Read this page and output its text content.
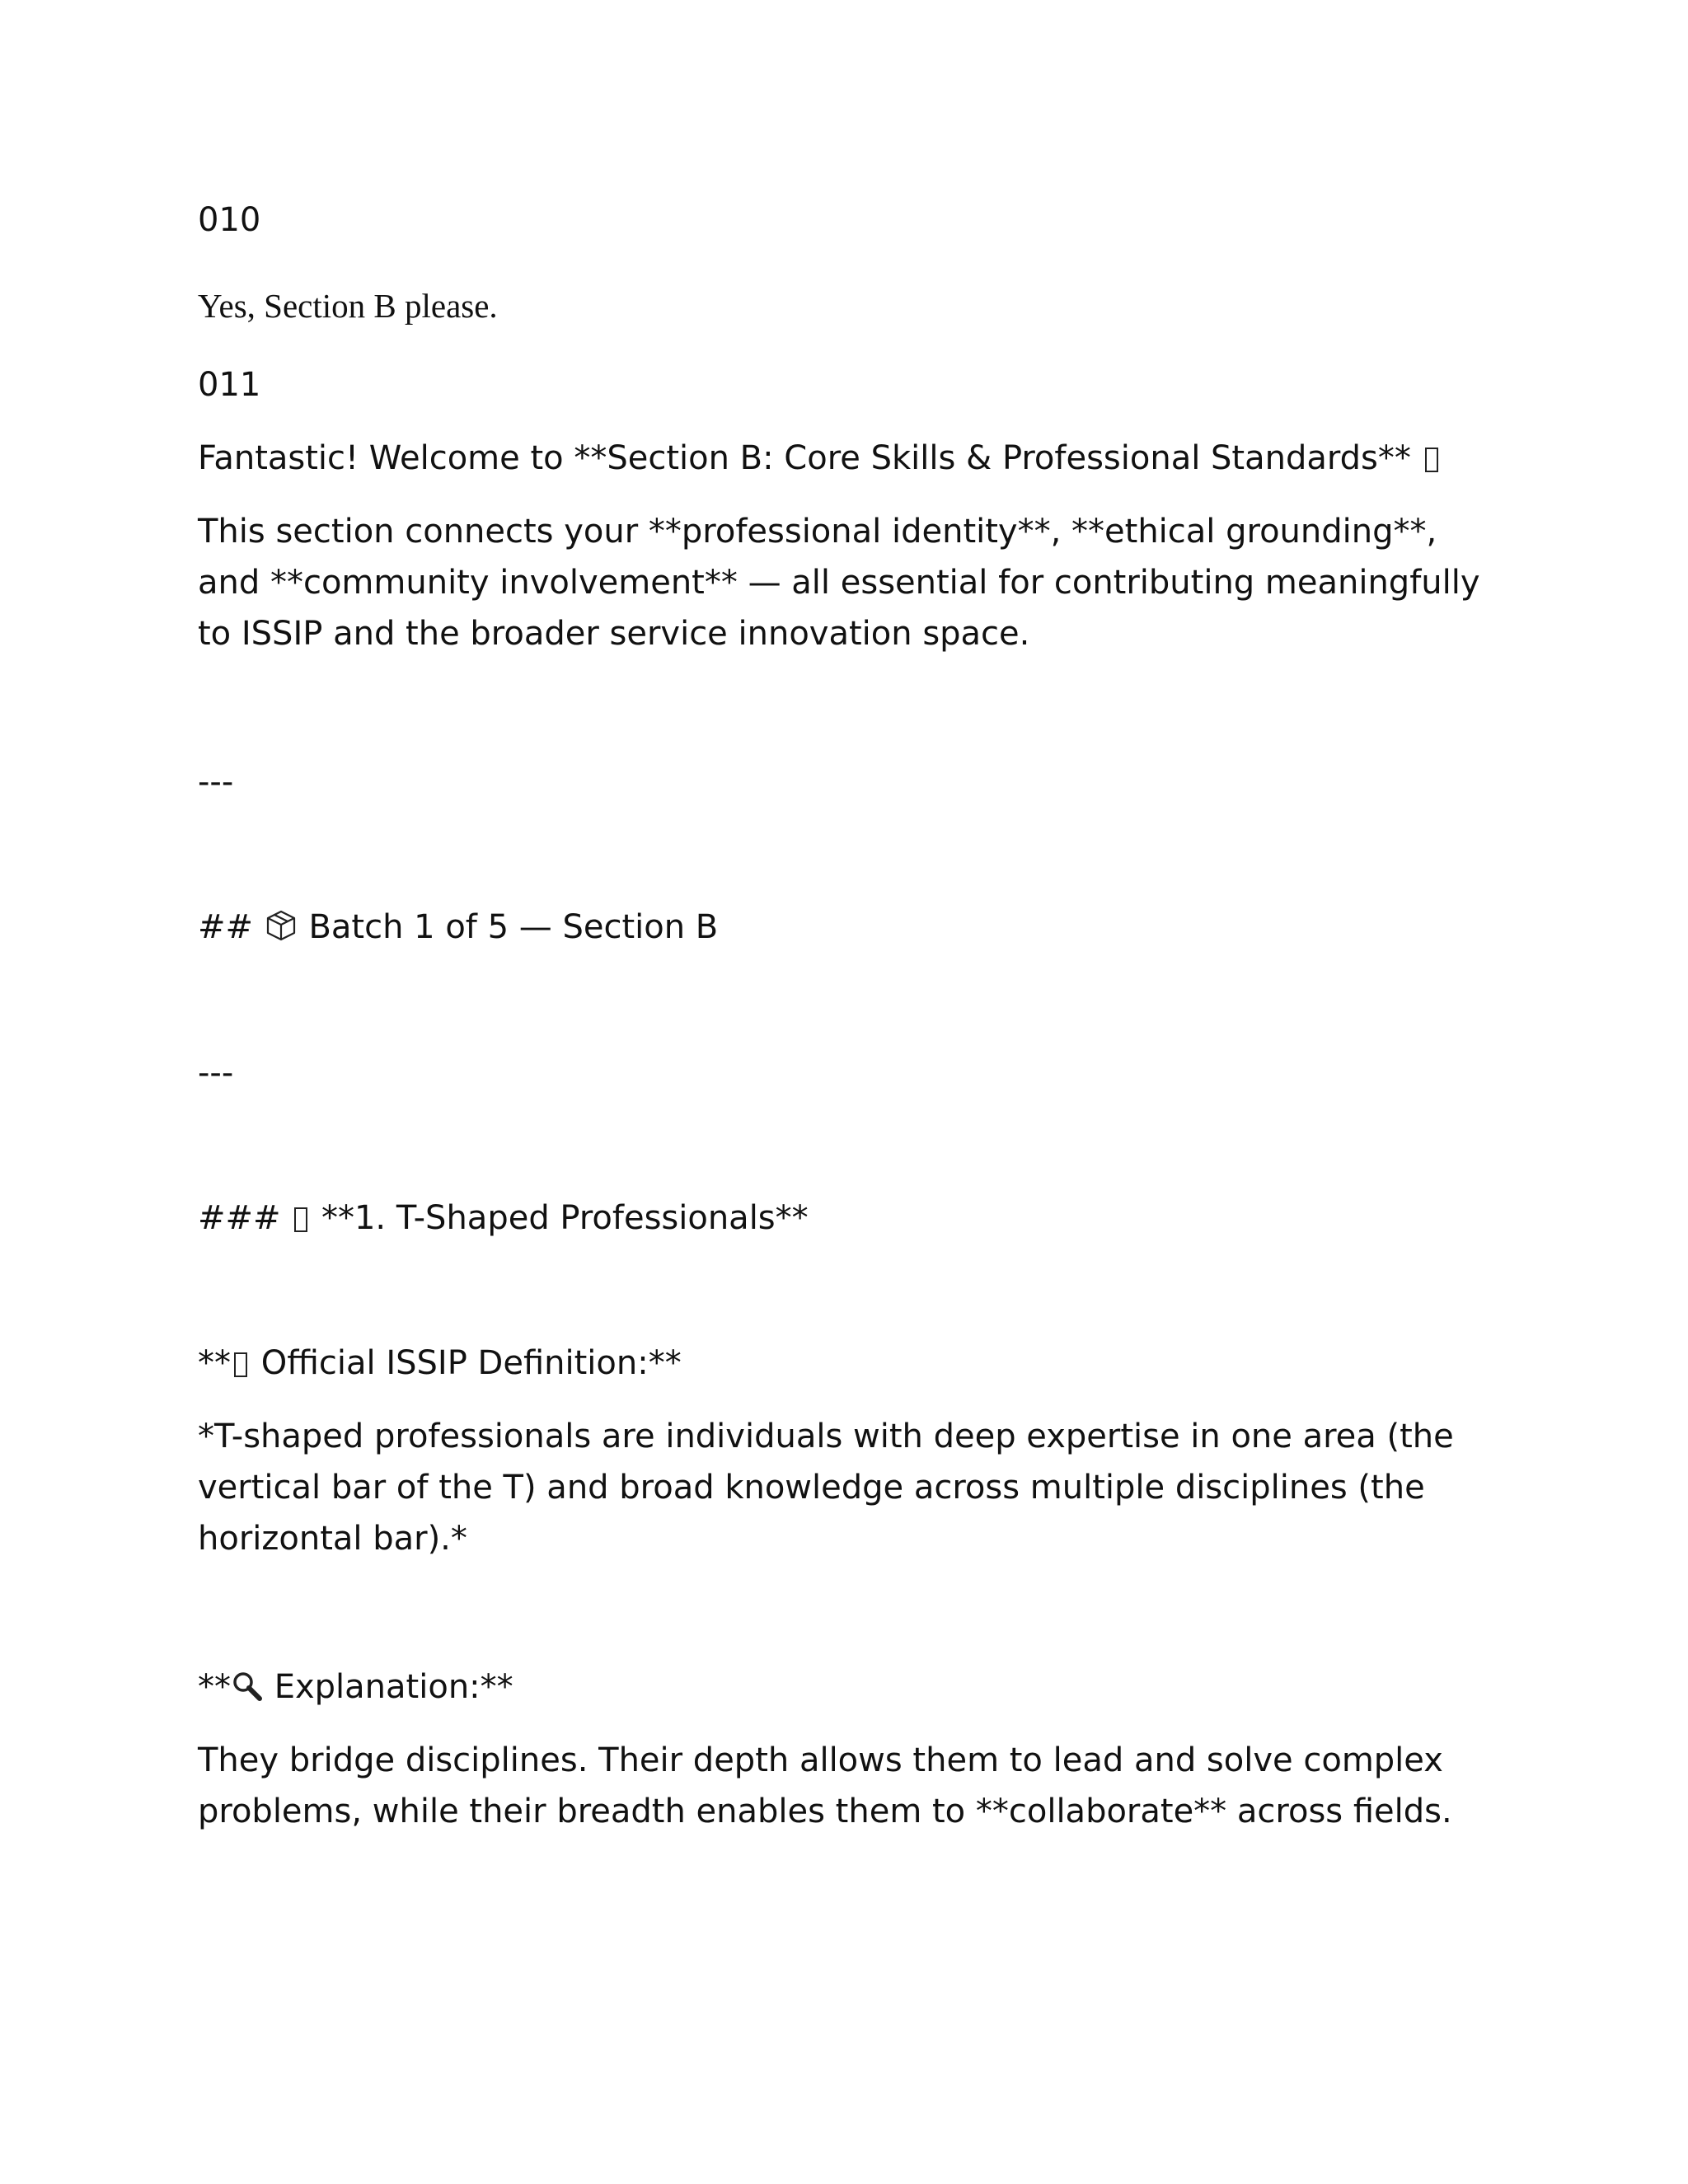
010

Yes, Section B please.

011

Fantastic! Welcome to **Section B: Core Skills & Professional Standards**

This section connects your **professional identity**, **ethical grounding**, and **community involvement** — all essential for contributing meaningfully to ISSIP and the broader service innovation space.

---

## Batch 1 of 5 — Section B

---

### **1. T-Shaped Professionals**

** Official ISSIP Definition:**

*T-shaped professionals are individuals with deep expertise in one area (the vertical bar of the T) and broad knowledge across multiple disciplines (the horizontal bar).*

** Explanation:**

They bridge disciplines. Their depth allows them to lead and solve complex problems, while their breadth enables them to **collaborate** across fields.
